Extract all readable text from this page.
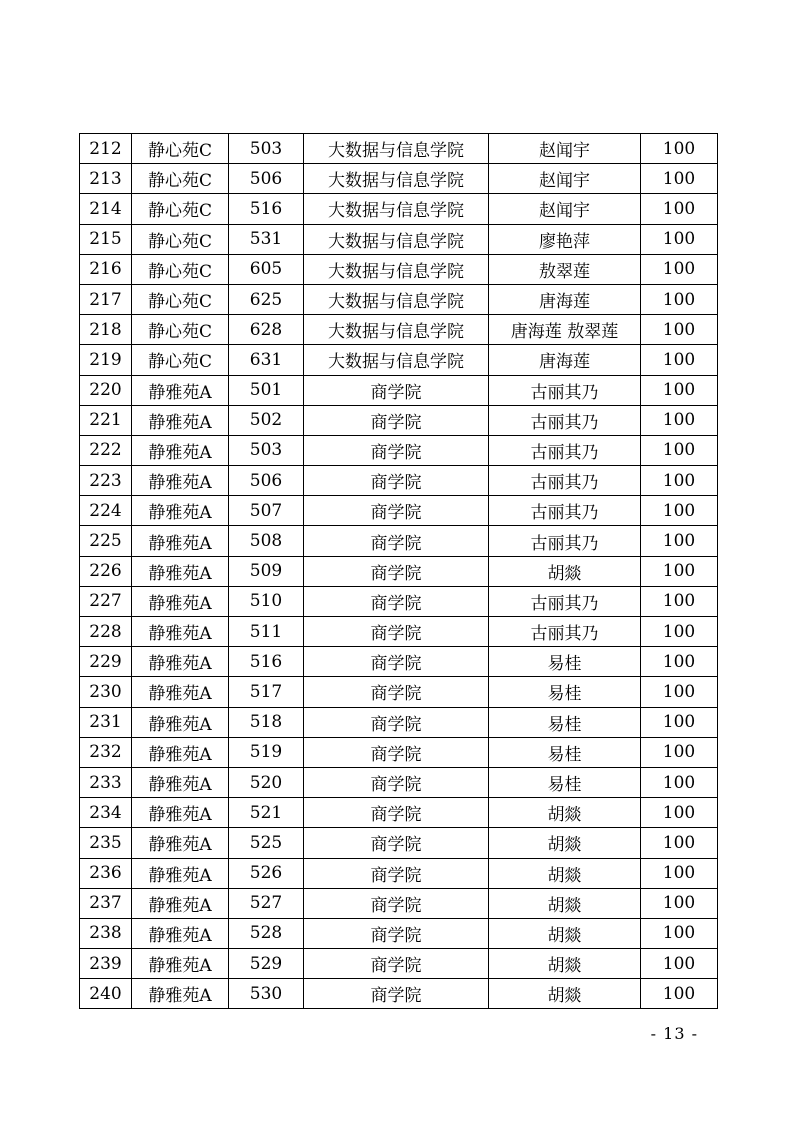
212	静心苑C	503	大数据与信息学院	赵闻宇	100
213	静心苑C	506	大数据与信息学院	赵闻宇	100
214	静心苑C	516	大数据与信息学院	赵闻宇	100
215	静心苑C	531	大数据与信息学院	廖艳萍	100
216	静心苑C	605	大数据与信息学院	敖翠莲	100
217	静心苑C	625	大数据与信息学院	唐海莲	100
218	静心苑C	628	大数据与信息学院	唐海莲 敖翠莲	100
219	静心苑C	631	大数据与信息学院	唐海莲	100
220	静雅苑A	501	商学院	古丽其乃	100
221	静雅苑A	502	商学院	古丽其乃	100
222	静雅苑A	503	商学院	古丽其乃	100
223	静雅苑A	506	商学院	古丽其乃	100
224	静雅苑A	507	商学院	古丽其乃	100
225	静雅苑A	508	商学院	古丽其乃	100
226	静雅苑A	509	商学院	胡燚	100
227	静雅苑A	510	商学院	古丽其乃	100
228	静雅苑A	511	商学院	古丽其乃	100
229	静雅苑A	516	商学院	易桂	100
230	静雅苑A	517	商学院	易桂	100
231	静雅苑A	518	商学院	易桂	100
232	静雅苑A	519	商学院	易桂	100
233	静雅苑A	520	商学院	易桂	100
234	静雅苑A	521	商学院	胡燚	100
235	静雅苑A	525	商学院	胡燚	100
236	静雅苑A	526	商学院	胡燚	100
237	静雅苑A	527	商学院	胡燚	100
238	静雅苑A	528	商学院	胡燚	100
239	静雅苑A	529	商学院	胡燚	100
240	静雅苑A	530	商学院	胡燚	100
- 13 -
